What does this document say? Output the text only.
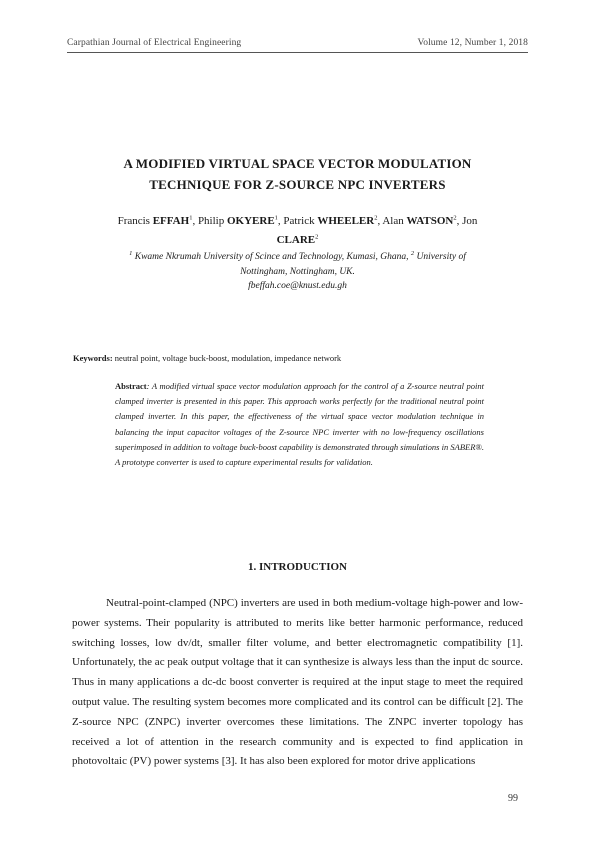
Carpathian Journal of Electrical Engineering	Volume 12, Number 1, 2018
A MODIFIED VIRTUAL SPACE VECTOR MODULATION
TECHNIQUE FOR Z-SOURCE NPC INVERTERS
Francis EFFAH$^1$, Philip OKYERE$^1$, Patrick WHEELER$^2$, Alan WATSON$^2$, Jon
CLARE$^2$
$^1$ Kwame Nkrumah University of Scince and Technology, Kumasi, Ghana, $^2$ University of
Nottingham, Nottingham, UK.
fbeffah.coe@knust.edu.gh
Keywords: neutral point, voltage buck-boost, modulation, impedance network
Abstract: A modified virtual space vector modulation approach for the control of a Z-source neutral point clamped inverter is presented in this paper. This approach works perfectly for the traditional neutral point clamped inverter. In this paper, the effectiveness of the virtual space vector modulation technique in balancing the input capacitor voltages of the Z-source NPC inverter with no low-frequency oscillations superimposed in addition to voltage buck-boost capability is demonstrated through simulations in SABER®. A prototype converter is used to capture experimental results for validation.
1. INTRODUCTION
Neutral-point-clamped (NPC) inverters are used in both medium-voltage high-power and low-power systems. Their popularity is attributed to merits like better harmonic performance, reduced switching losses, low dv/dt, smaller filter volume, and better electromagnetic compatibility [1]. Unfortunately, the ac peak output voltage that it can synthesize is always less than the input dc source. Thus in many applications a dc-dc boost converter is required at the input stage to meet the required output value. The resulting system becomes more complicated and its control can be difficult [2]. The Z-source NPC (ZNPC) inverter overcomes these limitations. The ZNPC inverter topology has received a lot of attention in the research community and is expected to find application in photovoltaic (PV) power systems [3]. It has also been explored for motor drive applications
99
